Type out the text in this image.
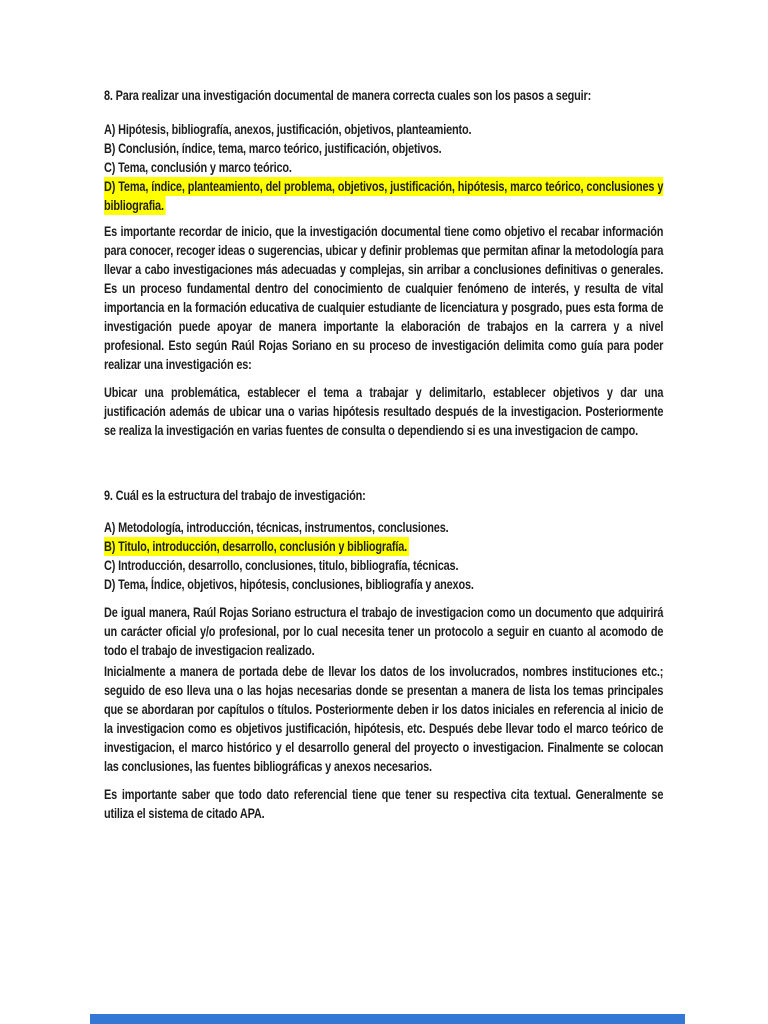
8. Para realizar una investigación documental de manera correcta cuales son los pasos a seguir:

A) Hipótesis, bibliografía, anexos, justificación, objetivos, planteamiento.
B) Conclusión, índice, tema, marco teórico, justificación, objetivos.
C) Tema, conclusión y marco teórico.
D) Tema, índice, planteamiento, del problema, objetivos, justificación, hipótesis, marco teórico, conclusiones y bibliografia.

Es importante recordar de inicio, que la investigación documental tiene como objetivo el recabar información para conocer, recoger ideas o sugerencias, ubicar y definir problemas que permitan afinar la metodología para llevar a cabo investigaciones más adecuadas y complejas, sin arribar a conclusiones definitivas o generales. Es un proceso fundamental dentro del conocimiento de cualquier fenómeno de interés, y resulta de vital importancia en la formación educativa de cualquier estudiante de licenciatura y posgrado, pues esta forma de investigación puede apoyar de manera importante la elaboración de trabajos en la carrera y a nivel profesional. Esto según Raúl Rojas Soriano en su proceso de investigación delimita como guía para poder realizar una investigación es:

Ubicar una problemática, establecer el tema a trabajar y delimitarlo, establecer objetivos y dar una justificación además de ubicar una o varias hipótesis resultado después de la investigacion. Posteriormente se realiza la investigación en varias fuentes de consulta o dependiendo si es una investigacion de campo.

9. Cuál es la estructura del trabajo de investigación:

A) Metodología, introducción, técnicas, instrumentos, conclusiones.
B) Titulo, introducción, desarrollo, conclusión y bibliografía.
C) Introducción, desarrollo, conclusiones, titulo, bibliografía, técnicas.
D) Tema, Índice, objetivos, hipótesis, conclusiones, bibliografía y anexos.

De igual manera, Raúl Rojas Soriano estructura el trabajo de investigacion como un documento que adquirirá un carácter oficial y/o profesional, por lo cual necesita tener un protocolo a seguir en cuanto al acomodo de todo el trabajo de investigacion realizado.

Inicialmente a manera de portada debe de llevar los datos de los involucrados, nombres instituciones etc.; seguido de eso lleva una o las hojas necesarias donde se presentan a manera de lista los temas principales que se abordaran por capítulos o títulos. Posteriormente deben ir los datos iniciales en referencia al inicio de la investigacion como es objetivos justificación, hipótesis, etc. Después debe llevar todo el marco teórico de investigacion, el marco histórico y el desarrollo general del proyecto o investigacion. Finalmente se colocan las conclusiones, las fuentes bibliográficas y anexos necesarios.

Es importante saber que todo dato referencial tiene que tener su respectiva cita textual. Generalmente se utiliza el sistema de citado APA.
